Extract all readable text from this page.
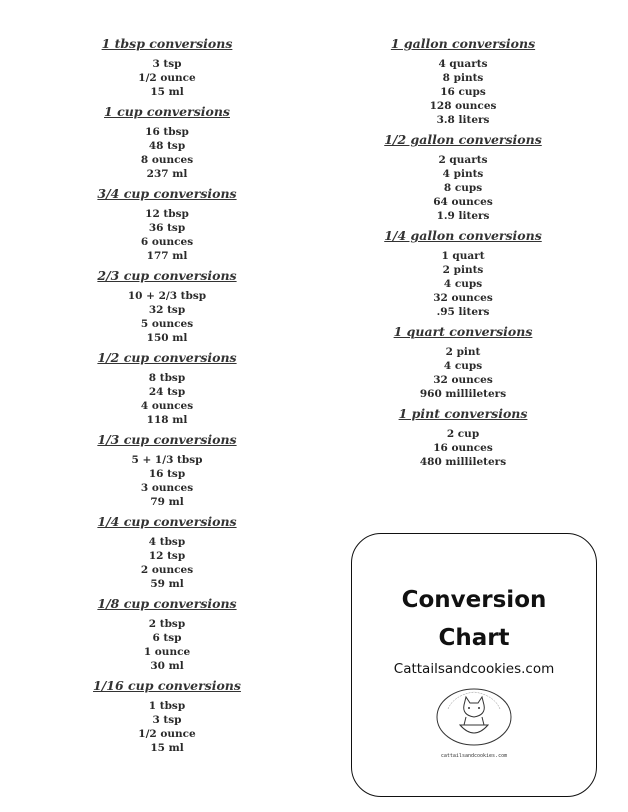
1 tbsp conversions
3 tsp
1/2 ounce
15 ml
1 cup conversions
16 tbsp
48 tsp
8 ounces
237 ml
3/4 cup conversions
12 tbsp
36 tsp
6 ounces
177 ml
2/3 cup conversions
10 + 2/3 tbsp
32 tsp
5 ounces
150 ml
1/2 cup conversions
8 tbsp
24 tsp
4 ounces
118 ml
1/3 cup conversions
5 + 1/3 tbsp
16 tsp
3 ounces
79 ml
1/4 cup conversions
4 tbsp
12 tsp
2 ounces
59 ml
1/8 cup conversions
2 tbsp
6 tsp
1 ounce
30 ml
1/16 cup conversions
1 tbsp
3 tsp
1/2 ounce
15 ml
1 gallon conversions
4 quarts
8 pints
16 cups
128 ounces
3.8 liters
1/2 gallon conversions
2 quarts
4 pints
8 cups
64 ounces
1.9 liters
1/4 gallon conversions
1 quart
2 pints
4 cups
32 ounces
.95 liters
1 quart conversions
2 pint
4 cups
32 ounces
960 millileters
1 pint conversions
2 cup
16 ounces
480 millileters
Conversion
Chart
Cattailsandcookies.com
cattailsandcookies.com
